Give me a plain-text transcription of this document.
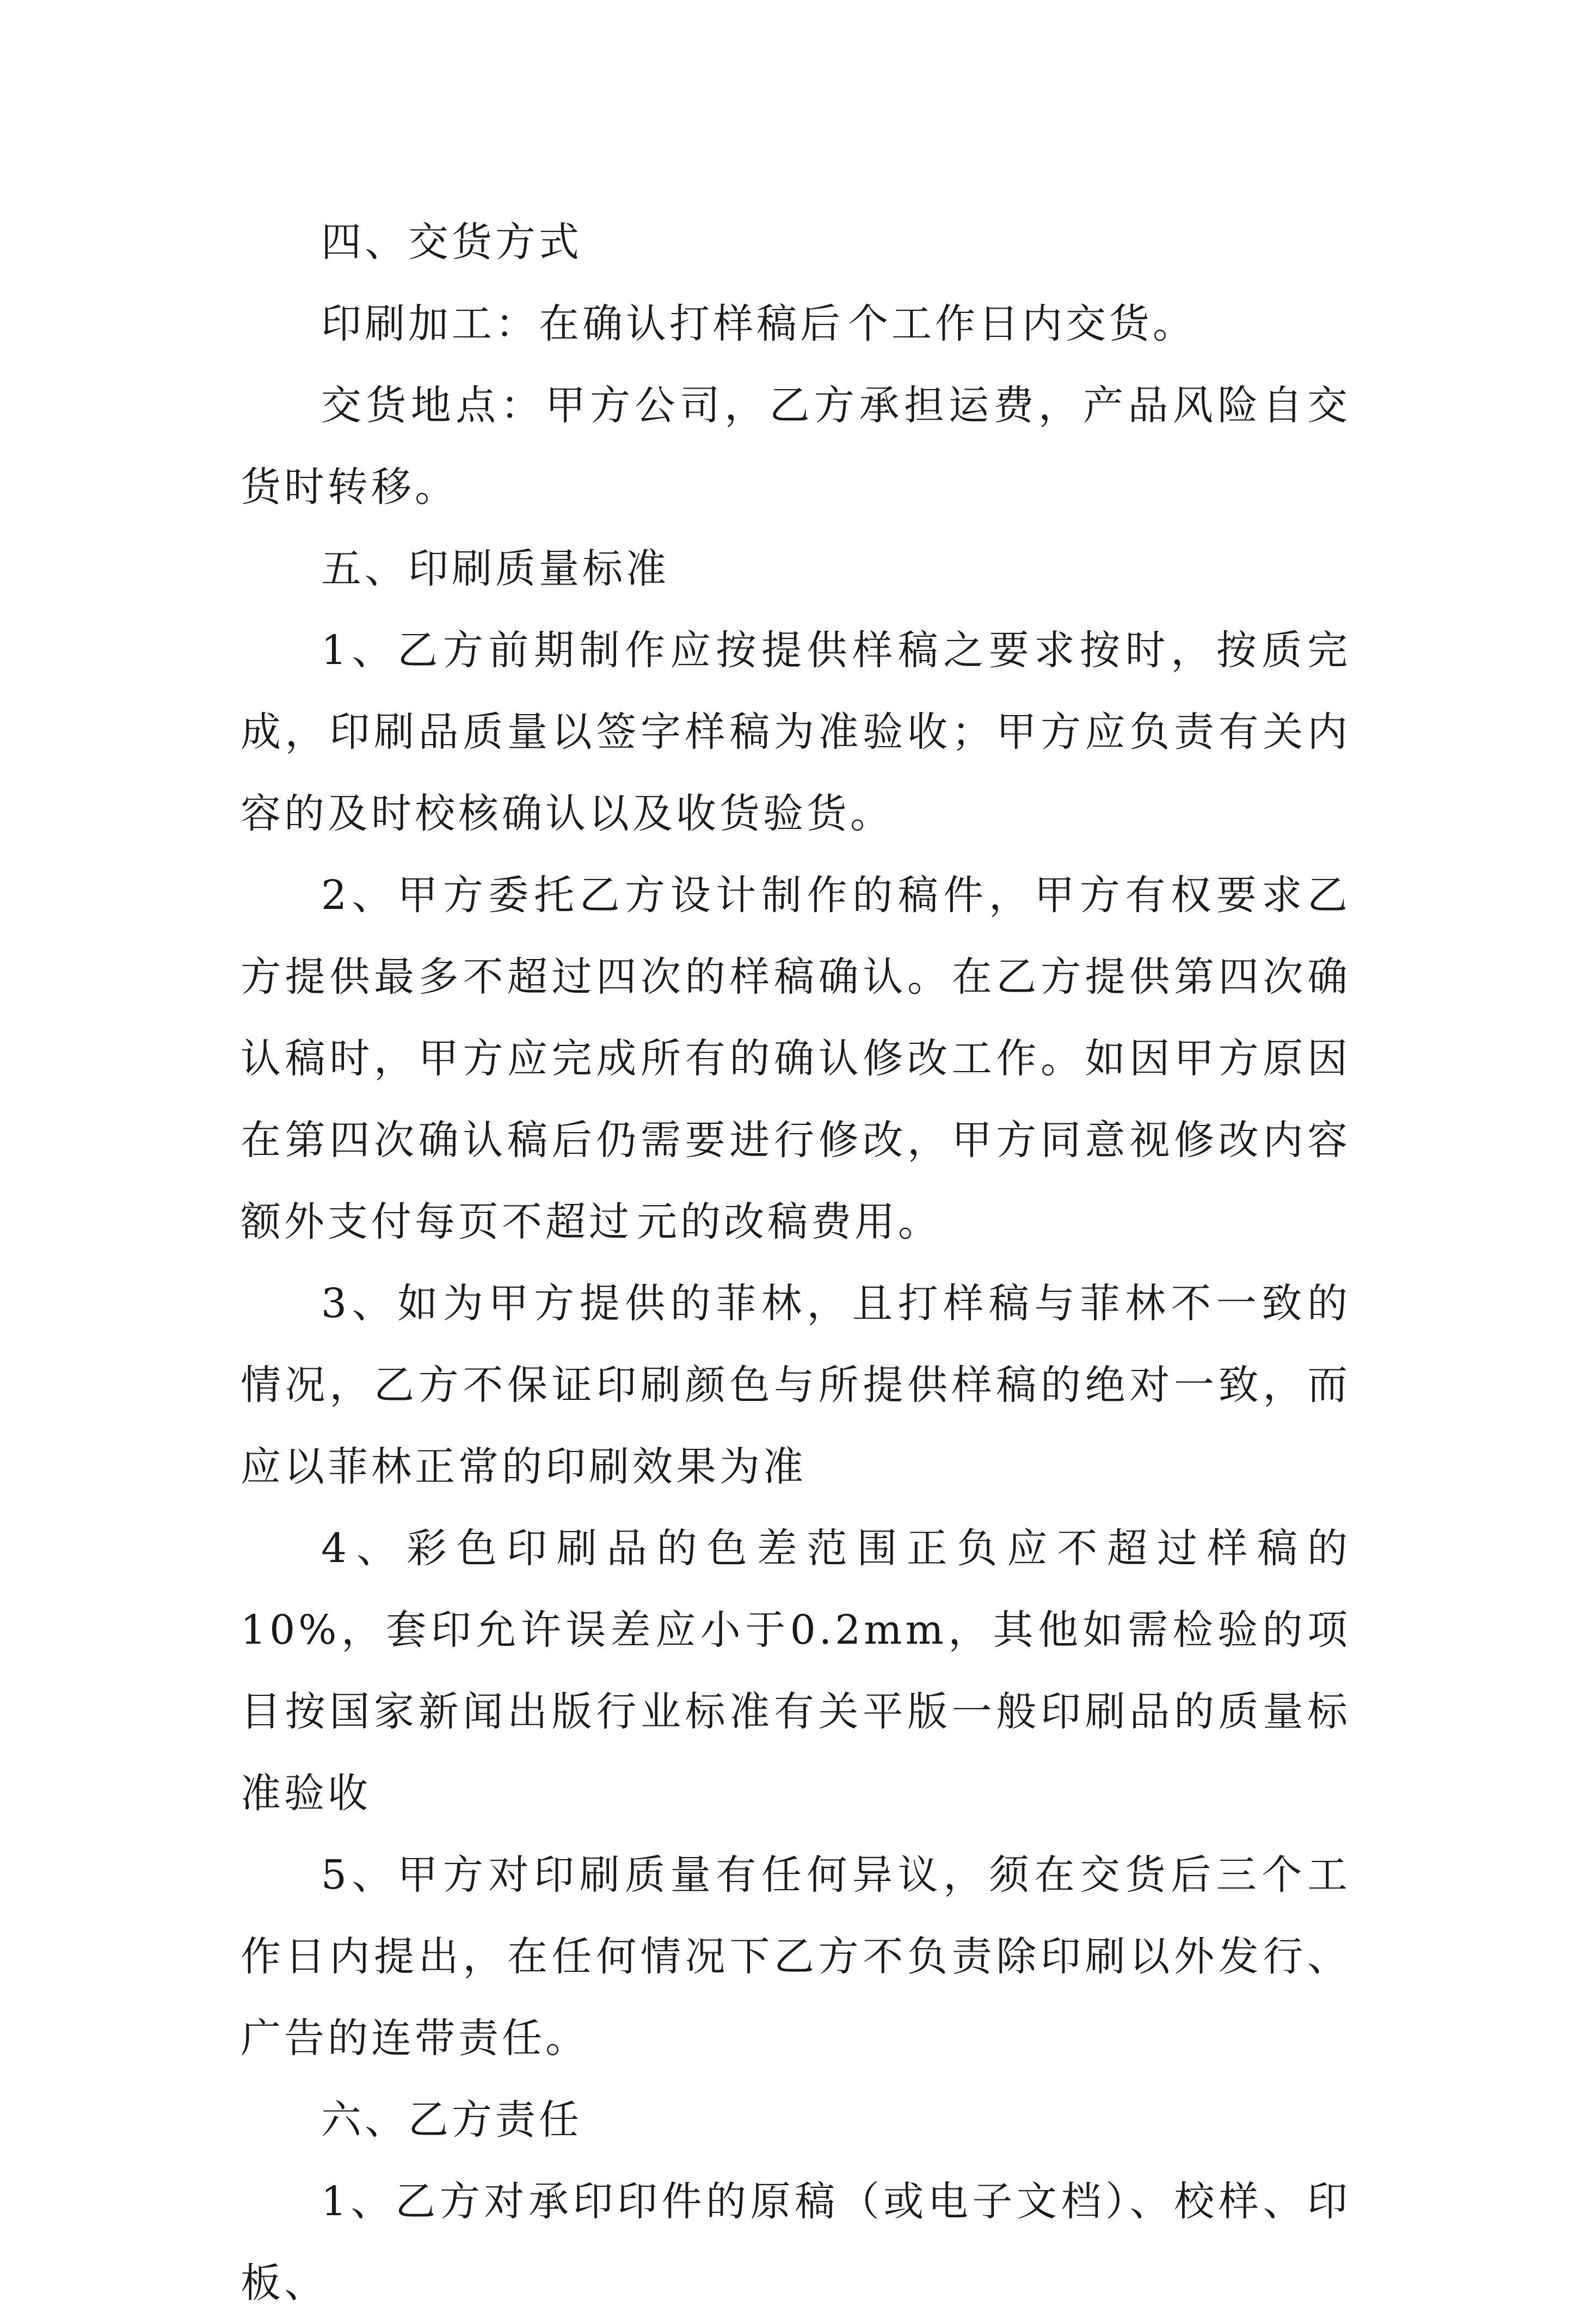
四、交货方式

印刷加工：在确认打样稿后 个工作日内交货。

交货地点：甲方公司，乙方承担运费，产品风险自交货时转移。

五、印刷质量标准

1、乙方前期制作应按提供样稿之要求按时，按质完成，印刷品质量以签字样稿为准验收；甲方应负责有关内容的及时校核确认以及收货验货。

2、甲方委托乙方设计制作的稿件，甲方有权要求乙方提供最多不超过四次的样稿确认。在乙方提供第四次确认稿时，甲方应完成所有的确认修改工作。如因甲方原因在第四次确认稿后仍需要进行修改，甲方同意视修改内容额外支付每页不超过 元的改稿费用。

3、如为甲方提供的菲林，且打样稿与菲林不一致的情况，乙方不保证印刷颜色与所提供样稿的绝对一致，而应以菲林正常的印刷效果为准

4、彩色印刷品的色差范围正负应不超过样稿的10%，套印允许误差应小于0.2mm，其他如需检验的项目按国家新闻出版行业标准有关平版一般印刷品的质量标准验收

5、甲方对印刷质量有任何异议，须在交货后三个工作日内提出，在任何情况下乙方不负责除印刷以外发行、广告的连带责任。

六、乙方责任

1、乙方对承印印件的原稿（或电子文档）、校样、印板、
